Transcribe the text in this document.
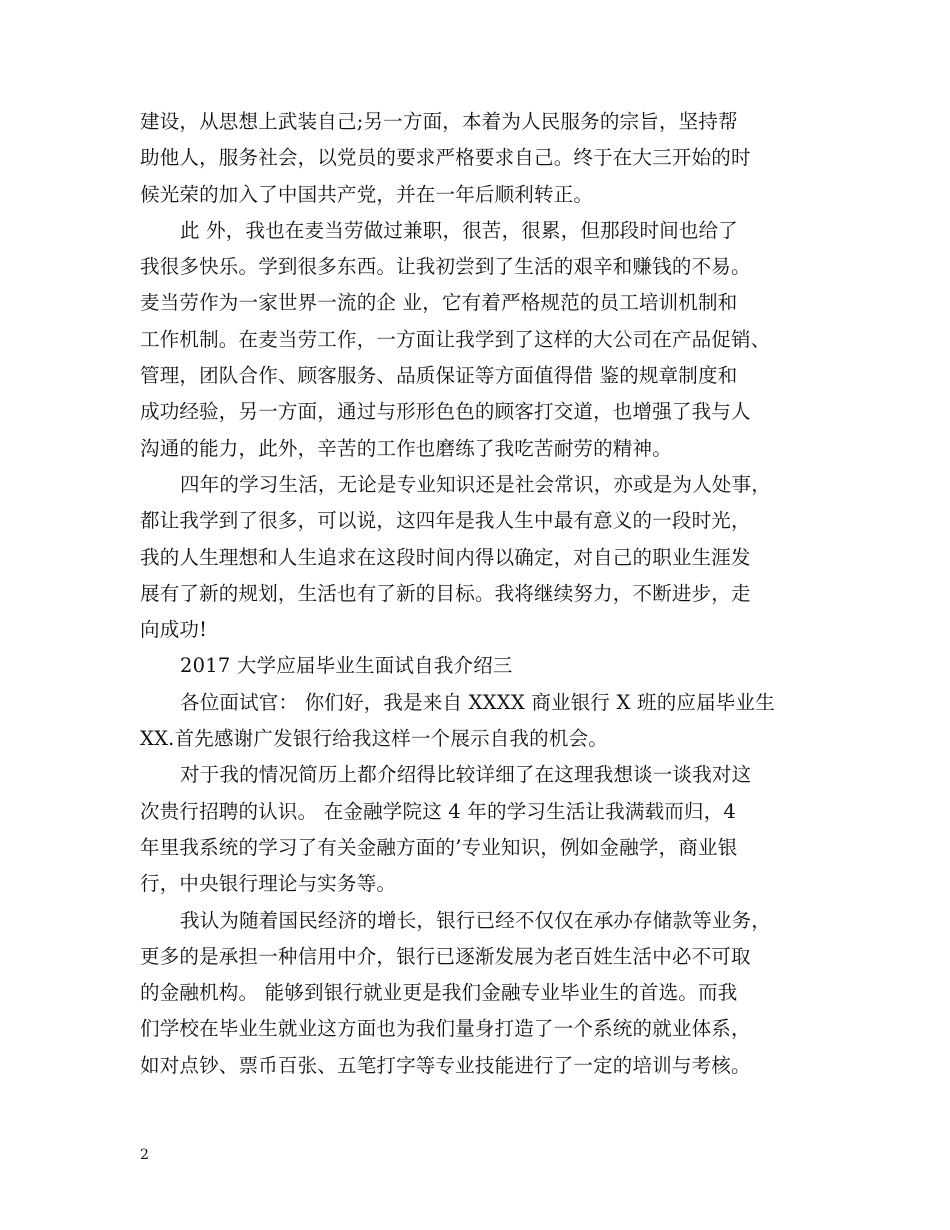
建设，从思想上武装自己;另一方面，本着为人民服务的宗旨，坚持帮
助他人，服务社会，以党员的要求严格要求自己。终于在大三开始的时
候光荣的加入了中国共产党，并在一年后顺利转正。
此 外，我也在麦当劳做过兼职，很苦，很累，但那段时间也给了
我很多快乐。学到很多东西。让我初尝到了生活的艰辛和赚钱的不易。
麦当劳作为一家世界一流的企 业，它有着严格规范的员工培训机制和
工作机制。在麦当劳工作，一方面让我学到了这样的大公司在产品促销、
管理，团队合作、顾客服务、品质保证等方面值得借 鉴的规章制度和
成功经验，另一方面，通过与形形色色的顾客打交道，也增强了我与人
沟通的能力，此外，辛苦的工作也磨练了我吃苦耐劳的精神。
四年的学习生活，无论是专业知识还是社会常识，亦或是为人处事，
都让我学到了很多，可以说，这四年是我人生中最有意义的一段时光，
我的人生理想和人生追求在这段时间内得以确定，对自己的职业生涯发
展有了新的规划，生活也有了新的目标。我将继续努力，不断进步，走
向成功!
2017 大学应届毕业生面试自我介绍三
各位面试官： 你们好，我是来自 XXXX 商业银行 X 班的应届毕业生
XX.首先感谢广发银行给我这样一个展示自我的机会。
对于我的情况简历上都介绍得比较详细了在这理我想谈一谈我对这
次贵行招聘的认识。 在金融学院这 4 年的学习生活让我满载而归，4
年里我系统的学习了有关金融方面的’专业知识，例如金融学，商业银
行，中央银行理论与实务等。
我认为随着国民经济的增长，银行已经不仅仅在承办存储款等业务，
更多的是承担一种信用中介，银行已逐渐发展为老百姓生活中必不可取
的金融机构。 能够到银行就业更是我们金融专业毕业生的首选。而我
们学校在毕业生就业这方面也为我们量身打造了一个系统的就业体系，
如对点钞、票币百张、五笔打字等专业技能进行了一定的培训与考核。
2
